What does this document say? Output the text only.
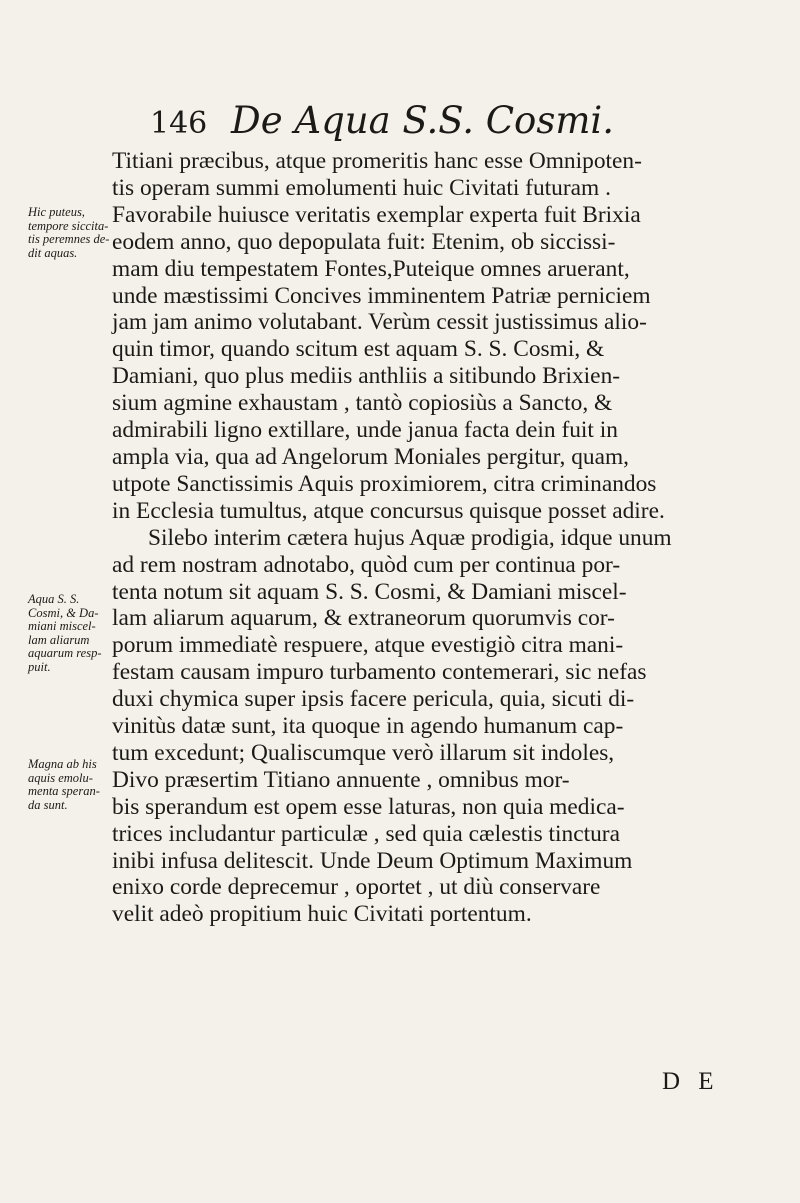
146 De Aqua S.S. Cosmi.
Titiani præcibus, atque promeritis hanc esse Omnipoten-
tis operam summi emolumenti huic Civitati futuram .
Favorabile huiusce veritatis exemplar experta fuit Brixia
eodem anno, quo depopulata fuit: Etenim, ob siccissi-
mam diu tempestatem Fontes,Puteique omnes aruerant,
unde mæstissimi Concives imminentem Patriæ perniciem
jam jam animo volutabant. Verùm cessit justissimus alio-
quin timor, quando scitum est aquam S. S. Cosmi, &
Damiani, quo plus mediis anthliis a sitibundo Brixien-
sium agmine exhaustam , tantò copiosiùs a Sancto, &
admirabili ligno extillare, unde janua facta dein fuit in
ampla via, qua ad Angelorum Moniales pergitur, quam,
utpote Sanctissimis Aquis proximiorem, citra criminandos
in Ecclesia tumultus, atque concursus quisque posset adire.
Silebo interim cætera hujus Aquæ prodigia, idque unum
ad rem nostram adnotabo, quòd cum per continua por-
tenta notum sit aquam S. S. Cosmi, & Damiani miscel-
lam aliarum aquarum, & extraneorum quorumvis cor-
porum immediatè respuere, atque evestigiò citra mani-
festam causam impuro turbamento contemerari, sic nefas
duxi chymica super ipsis facere pericula, quia, sicuti di-
vinitùs datæ sunt, ita quoque in agendo humanum cap-
tum excedunt; Qualiscumque verò illarum sit indoles,
Divo præsertim Titiano annuente , omnibus mor-
bis sperandum est opem esse laturas, non quia medica-
trices includantur particulæ , sed quia cælestis tinctura
inibi infusa delitescit. Unde Deum Optimum Maximum
enixo corde deprecemur , oportet , ut diù conservare
velit adeò propitium huic Civitati portentum.
Hic puteus,
tempore siccita-
tis peremnes de-
dit aquas.
Aqua S. S.
Cosmi, & Da-
miani miscel-
lam aliarum
aquarum resp-
puit.
Magna ab his
aquis emolu-
menta speran-
da sunt.
D E
